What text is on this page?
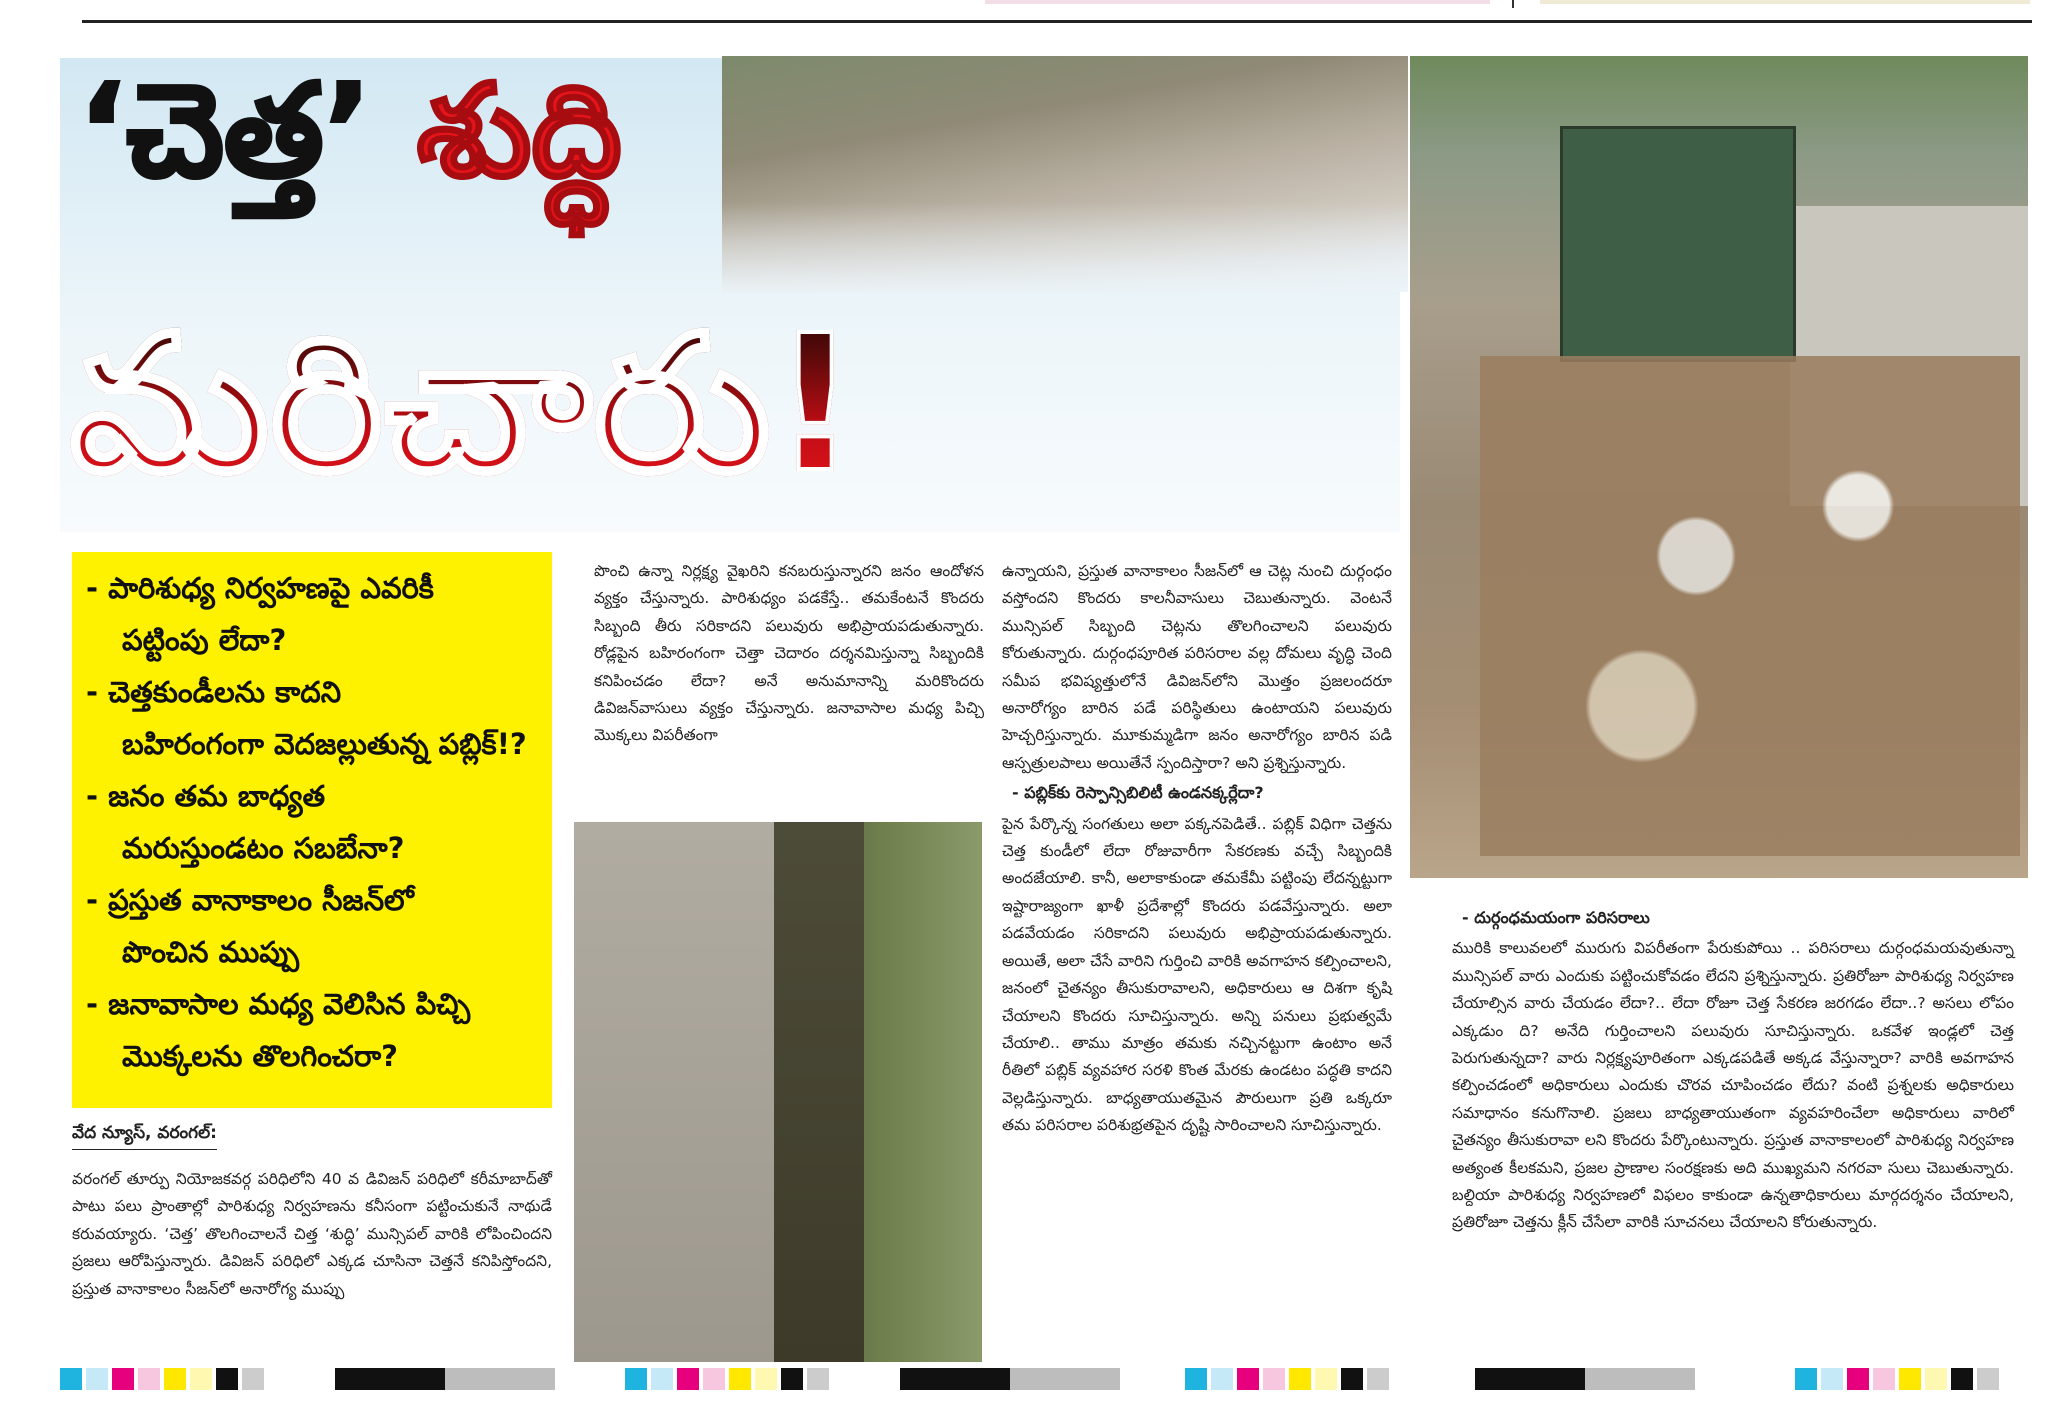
‘చెత్త’ శుద్ధి
మరిచారు!
- పారిశుధ్య నిర్వహణపై ఎవరికీ
పట్టింపు లేదా?
- చెత్తకుండీలను కాదని
బహిరంగంగా వెదజల్లుతున్న పబ్లిక్!?
- జనం తమ బాధ్యత
మరుస్తుండటం సబబేనా?
- ప్రస్తుత వానాకాలం సీజన్‌లో
పొంచిన ముప్పు
- జనావాసాల మధ్య వెలిసిన పిచ్చి
మొక్కలను తొలగించరా?
వేద న్యూస్, వరంగల్:
వరంగల్ తూర్పు నియోజకవర్గ పరిధిలోని 40 వ డివిజన్ పరిధిలో కరీమాబాద్‌తో పాటు పలు ప్రాంతాల్లో పారిశుధ్య నిర్వహణను కనీసంగా పట్టించుకునే నాథుడే కరువయ్యారు. ‘చెత్త’ తొలగించాలనే చిత్త ‘శుద్ధి’ మున్సిపల్ వారికి లోపించిందని ప్రజలు ఆరోపిస్తున్నారు. డివిజన్ పరిధిలో ఎక్కడ చూసినా చెత్తనే కనిపిస్తోందని, ప్రస్తుత వానాకాలం సీజన్‌లో అనారోగ్య ముప్పు
పొంచి ఉన్నా నిర్లక్ష్య వైఖరిని కనబరుస్తున్నారని జనం ఆందోళన వ్యక్తం చేస్తున్నారు. పారిశుధ్యం పడకేస్తే.. తమకేంటనే కొందరు సిబ్బంది తీరు సరికాదని పలువురు అభిప్రాయపడుతున్నారు. రోడ్లపైన బహిరంగంగా చెత్తా చెదారం దర్శనమిస్తున్నా సిబ్బందికి కనిపించడం లేదా? అనే అనుమానాన్ని మరికొందరు డివిజన్‌వాసులు వ్యక్తం చేస్తున్నారు. జనావాసాల మధ్య పిచ్చి మొక్కలు విపరీతంగా
ఉన్నాయని, ప్రస్తుత వానాకాలం సీజన్‌లో ఆ చెట్ల నుంచి దుర్గంధం వస్తోందని కొందరు కాలనీవాసులు చెబుతున్నారు. వెంటనే మున్సిపల్ సిబ్బంది చెట్లను తొలగించాలని పలువురు కోరుతున్నారు. దుర్గంధపూరిత పరిసరాల వల్ల దోమలు వృద్ధి చెంది సమీప భవిష్యత్తులోనే డివిజన్‌లోని మొత్తం ప్రజలందరూ అనారోగ్యం బారిన పడే పరిస్థితులు ఉంటాయని పలువురు హెచ్చరిస్తున్నారు. మూకుమ్మడిగా జనం అనారోగ్యం బారిన పడి ఆస్పత్రులపాలు అయితేనే స్పందిస్తారా? అని ప్రశ్నిస్తున్నారు.
- పబ్లిక్‌కు రెస్పాన్సిబిలిటీ ఉండనక్కర్లేదా?
పైన పేర్కొన్న సంగతులు అలా పక్కనపెడితే.. పబ్లిక్ విధిగా చెత్తను చెత్త కుండీలో లేదా రోజువారీగా సేకరణకు వచ్చే సిబ్బందికి అందజేయాలి. కానీ, అలాకాకుండా తమకేమీ పట్టింపు లేదన్నట్టుగా ఇష్టారాజ్యంగా ఖాళీ ప్రదేశాల్లో కొందరు పడవేస్తున్నారు. అలా పడవేయడం సరికాదని పలువురు అభిప్రాయపడుతున్నారు. అయితే, అలా చేసే వారిని గుర్తించి వారికి అవగాహన కల్పించాలని, జనంలో చైతన్యం తీసుకురావాలని, అధికారులు ఆ దిశగా కృషి చేయాలని కొందరు సూచిస్తున్నారు. అన్ని పనులు ప్రభుత్వమే చేయాలి.. తాము మాత్రం తమకు నచ్చినట్టుగా ఉంటాం అనే రీతిలో పబ్లిక్ వ్యవహార సరళి కొంత మేరకు ఉండటం పద్ధతి కాదని వెల్లడిస్తున్నారు. బాధ్యతాయుతమైన పౌరులుగా ప్రతి ఒక్కరూ తమ పరిసరాల పరిశుభ్రతపైన దృష్టి సారించాలని సూచిస్తున్నారు.
- దుర్గంధమయంగా పరిసరాలు
మురికి కాలువలలో మురుగు విపరీతంగా పేరుకుపోయి .. పరిసరాలు దుర్గంధమయవుతున్నా మున్సిపల్ వారు ఎందుకు పట్టించుకోవడం లేదని ప్రశ్నిస్తున్నారు. ప్రతిరోజూ పారిశుధ్య నిర్వహణ చేయాల్సిన వారు చేయడం లేదా?.. లేదా రోజూ చెత్త సేకరణ జరగడం లేదా..? అసలు లోపం ఎక్కడుం ది? అనేది గుర్తించాలని పలువురు సూచిస్తున్నారు. ఒకవేళ ఇండ్లలో చెత్త పెరుగుతున్నదా? వారు నిర్లక్ష్యపూరితంగా ఎక్కడపడితే అక్కడ వేస్తున్నారా? వారికి అవగాహన కల్పించడంలో అధికారులు ఎందుకు చొరవ చూపించడం లేదు? వంటి ప్రశ్నలకు అధికారులు సమాధానం కనుగొనాలి. ప్రజలు బాధ్యతాయుతంగా వ్యవహరించేలా అధికారులు వారిలో చైతన్యం తీసుకురావా లని కొందరు పేర్కొంటున్నారు. ప్రస్తుత వానాకాలంలో పారిశుధ్య నిర్వహణ అత్యంత కీలకమని, ప్రజల ప్రాణాల సంరక్షణకు అది ముఖ్యమని నగరవా సులు చెబుతున్నారు. బల్దియా పారిశుధ్య నిర్వహణలో విఫలం కాకుండా ఉన్నతాధికారులు మార్గదర్శనం చేయాలని, ప్రతిరోజూ చెత్తను క్లీన్ చేసేలా వారికి సూచనలు చేయాలని కోరుతున్నారు.
